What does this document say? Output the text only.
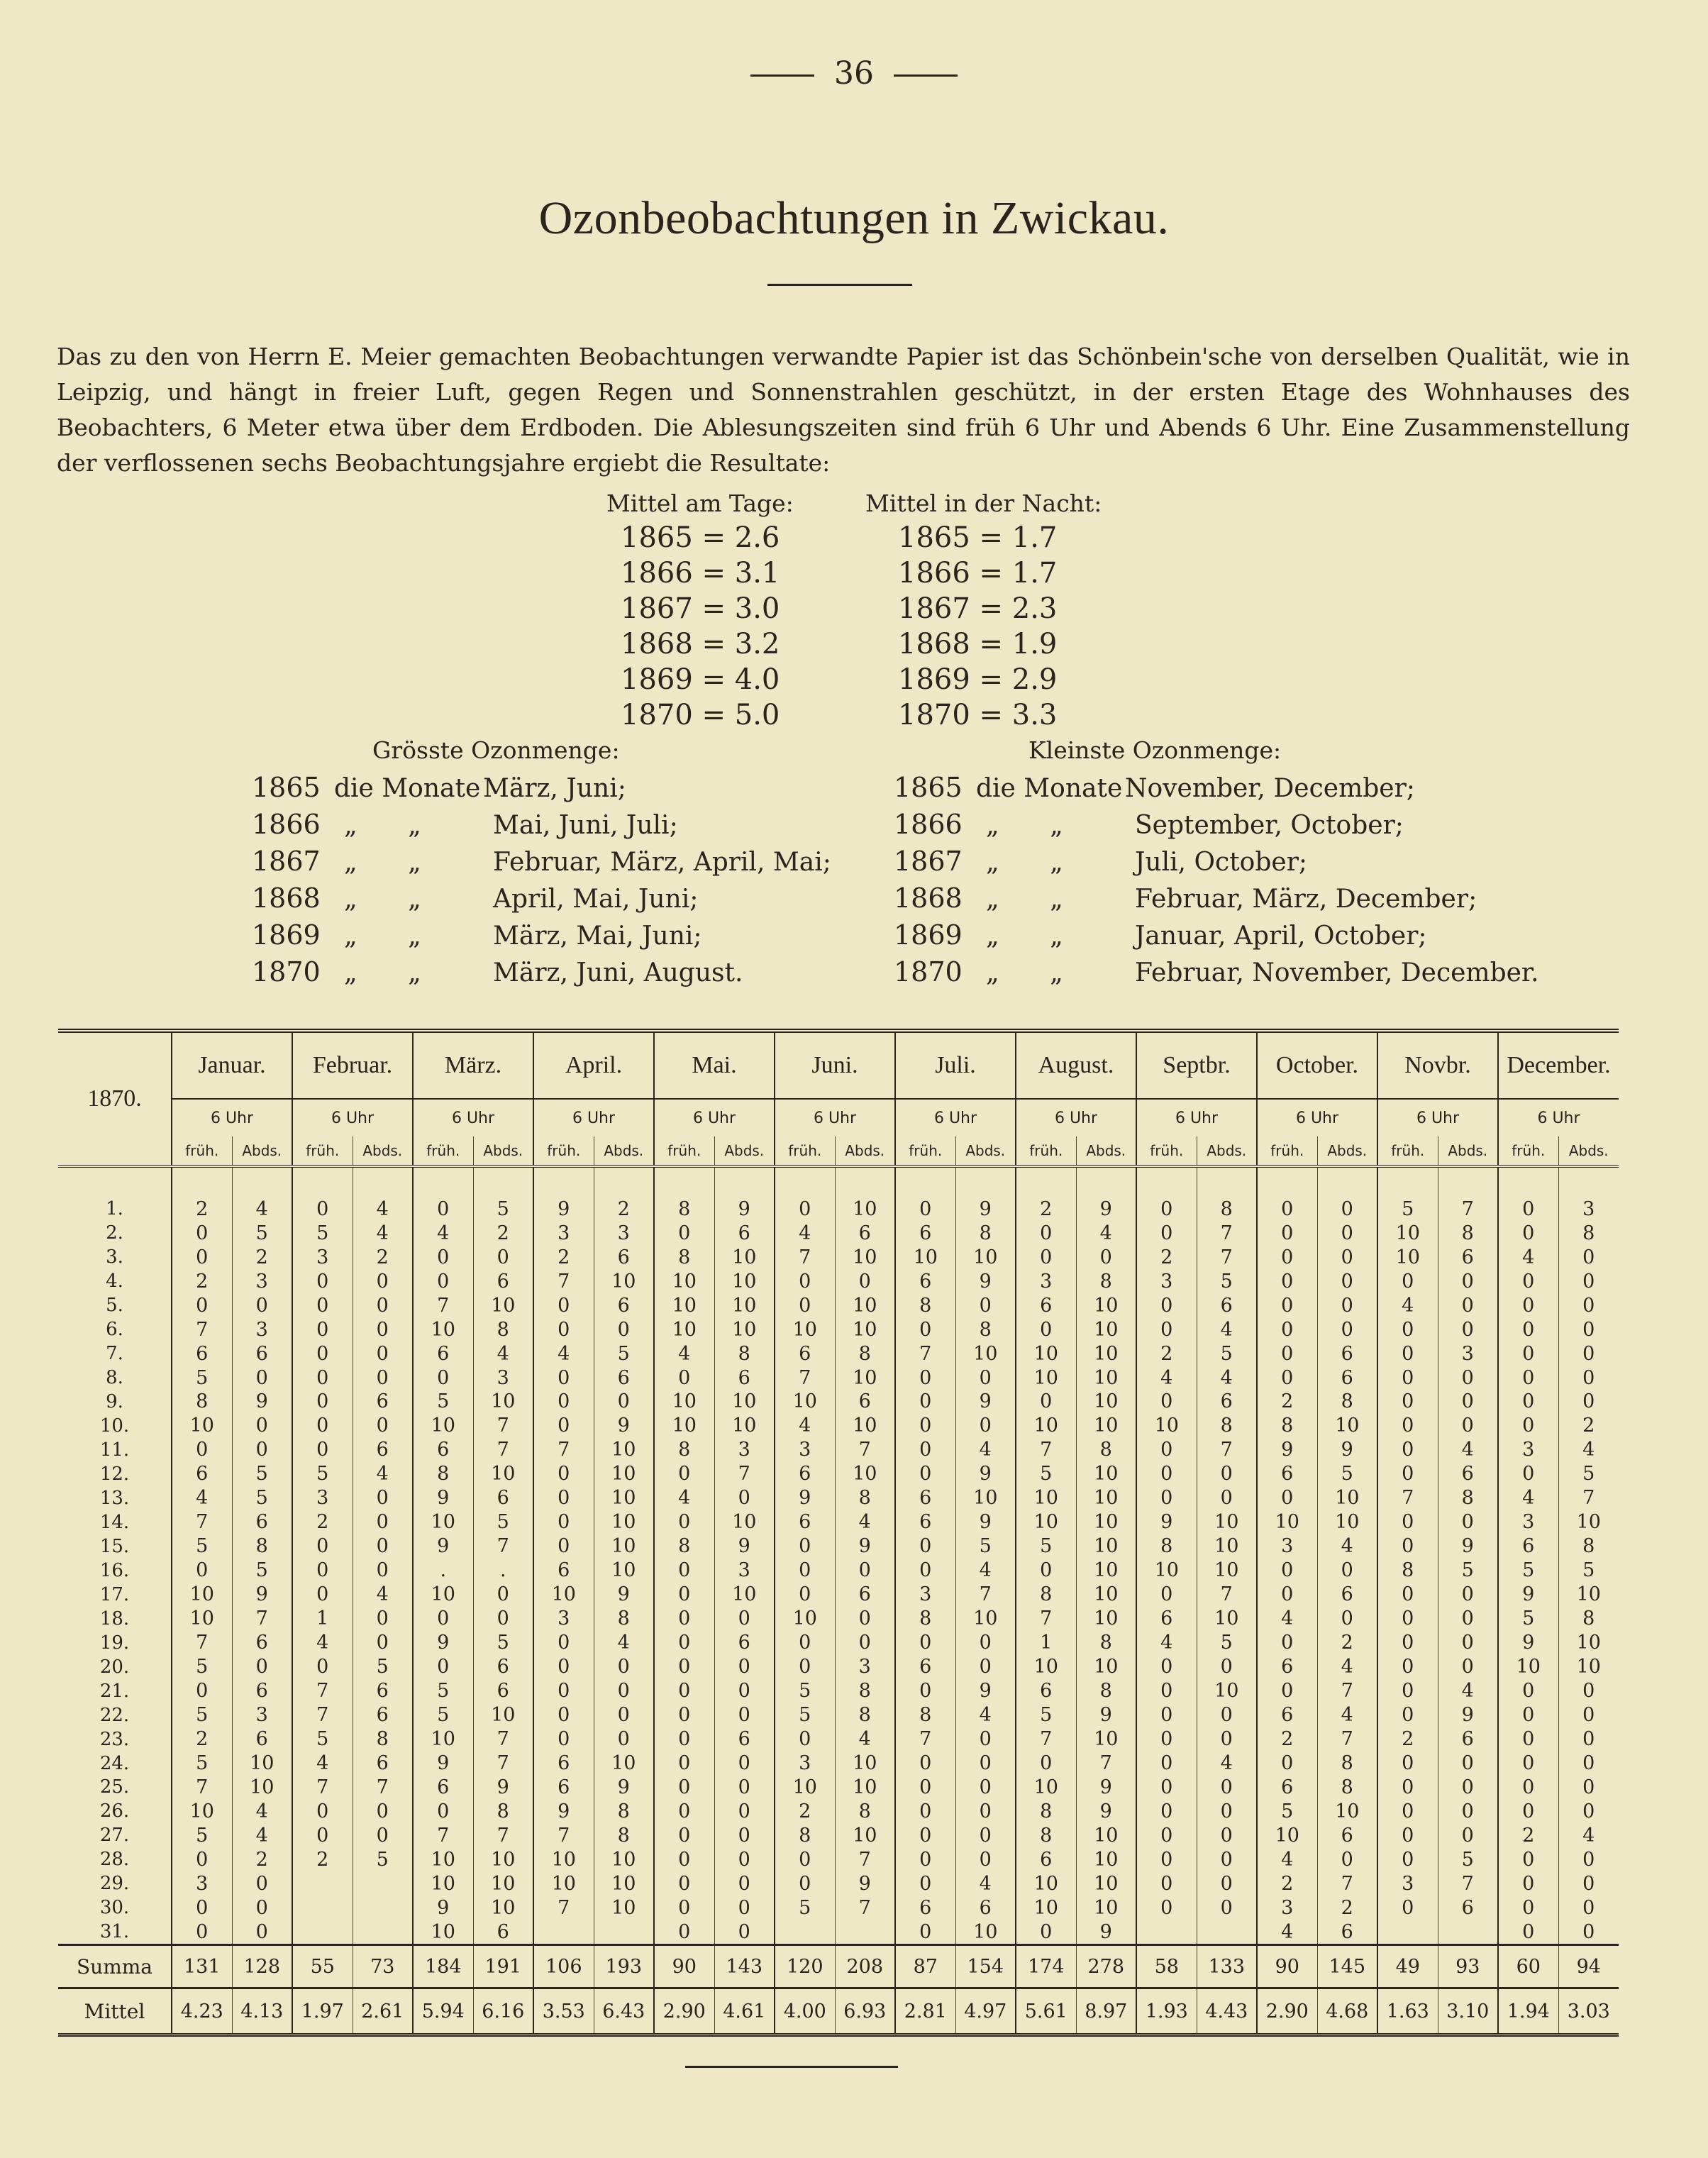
36
Ozonbeobachtungen in Zwickau.

Das zu den von Herrn E. Meier gemachten Beobachtungen verwandte Papier ist das Schönbein'sche von derselben Qualität, wie in Leipzig, und hängt in freier Luft, gegen Regen und Sonnenstrahlen geschützt, in der ersten Etage des Wohnhauses des Beobachters, 6 Meter etwa über dem Erdboden. Die Ablesungszeiten sind früh 6 Uhr und Abends 6 Uhr. Eine Zusammenstellung der verflossenen sechs Beobachtungsjahre ergiebt die Resultate:

Mittel am Tage:
1865 = 2.6
1866 = 3.1
1867 = 3.0
1868 = 3.2
1869 = 4.0
1870 = 5.0
Mittel in der Nacht:
1865 = 1.7
1866 = 1.7
1867 = 2.3
1868 = 1.9
1869 = 2.9
1870 = 3.3
Grösste Ozonmenge:
1865 die Monate März, Juni;
1866 „ „	Mai, Juni, Juli;
1867 „ „	Februar, März, April, Mai;
1868 „ „	April, Mai, Juni;
1869 „ „	März, Mai, Juni;
1870 „ „	März, Juni, August.
Kleinste Ozonmenge:
1865 die Monate November, December;
1866 „ „	September, October;
1867 „ „	Juli, October;
1868 „ „	Februar, März, December;
1869 „ „	Januar, April, October;
1870 „ „	Februar, November, December.
1870.	Januar.		Februar.		März.		April.		Mai.		Juni.		Juli.		August.		Septbr.		October.		Novbr.		December.	
	6 Uhr		6 Uhr		6 Uhr		6 Uhr		6 Uhr		6 Uhr		6 Uhr		6 Uhr		6 Uhr		6 Uhr		6 Uhr		6 Uhr	
	früh.	Abds.	früh.	Abds.	früh.	Abds.	früh.	Abds.	früh.	Abds.	früh.	Abds.	früh.	Abds.	früh.	Abds.	früh.	Abds.	früh.	Abds.	früh.	Abds.	früh.	Abds.

1.	2	4	0	4	0	5	9	2	8	9	0	10	0	9	2	9	0	8	0	0	5	7	0	3
2.	0	5	5	4	4	2	3	3	0	6	4	6	6	8	0	4	0	7	0	0	10	8	0	8
3.	0	2	3	2	0	0	2	6	8	10	7	10	10	10	0	0	2	7	0	0	10	6	4	0
4.	2	3	0	0	0	6	7	10	10	10	0	0	6	9	3	8	3	5	0	0	0	0	0	0
5.	0	0	0	0	7	10	0	6	10	10	0	10	8	0	6	10	0	6	0	0	4	0	0	0
6.	7	3	0	0	10	8	0	0	10	10	10	10	0	8	0	10	0	4	0	0	0	0	0	0
7.	6	6	0	0	6	4	4	5	4	8	6	8	7	10	10	10	2	5	0	6	0	3	0	0
8.	5	0	0	0	0	3	0	6	0	6	7	10	0	0	10	10	4	4	0	6	0	0	0	0
9.	8	9	0	6	5	10	0	0	10	10	10	6	0	9	0	10	0	6	2	8	0	0	0	0
10.	10	0	0	0	10	7	0	9	10	10	4	10	0	0	10	10	10	8	8	10	0	0	0	2
11.	0	0	0	6	6	7	7	10	8	3	3	7	0	4	7	8	0	7	9	9	0	4	3	4
12.	6	5	5	4	8	10	0	10	0	7	6	10	0	9	5	10	0	0	6	5	0	6	0	5
13.	4	5	3	0	9	6	0	10	4	0	9	8	6	10	10	10	0	0	0	10	7	8	4	7
14.	7	6	2	0	10	5	0	10	0	10	6	4	6	9	10	10	9	10	10	10	0	0	3	10
15.	5	8	0	0	9	7	0	10	8	9	0	9	0	5	5	10	8	10	3	4	0	9	6	8
16.	0	5	0	0	.	.	6	10	0	3	0	0	0	4	0	10	10	10	0	0	8	5	5	5
17.	10	9	0	4	10	0	10	9	0	10	0	6	3	7	8	10	0	7	0	6	0	0	9	10
18.	10	7	1	0	0	0	3	8	0	0	10	0	8	10	7	10	6	10	4	0	0	0	5	8
19.	7	6	4	0	9	5	0	4	0	6	0	0	0	0	1	8	4	5	0	2	0	0	9	10
20.	5	0	0	5	0	6	0	0	0	0	0	3	6	0	10	10	0	0	6	4	0	0	10	10
21.	0	6	7	6	5	6	0	0	0	0	5	8	0	9	6	8	0	10	0	7	0	4	0	0
22.	5	3	7	6	5	10	0	0	0	0	5	8	8	4	5	9	0	0	6	4	0	9	0	0
23.	2	6	5	8	10	7	0	0	0	6	0	4	7	0	7	10	0	0	2	7	2	6	0	0
24.	5	10	4	6	9	7	6	10	0	0	3	10	0	0	0	7	0	4	0	8	0	0	0	0
25.	7	10	7	7	6	9	6	9	0	0	10	10	0	0	10	9	0	0	6	8	0	0	0	0
26.	10	4	0	0	0	8	9	8	0	0	2	8	0	0	8	9	0	0	5	10	0	0	0	0
27.	5	4	0	0	7	7	7	8	0	0	8	10	0	0	8	10	0	0	10	6	0	0	2	4
28.	0	2	2	5	10	10	10	10	0	0	0	7	0	0	6	10	0	0	4	0	0	5	0	0
29.	3	0			10	10	10	10	0	0	0	9	0	4	10	10	0	0	2	7	3	7	0	0
30.	0	0			9	10	7	10	0	0	5	7	6	6	10	10	0	0	3	2	0	6	0	0
31.	0	0			10	6			0	0			0	10	0	9			4	6			0	0
Summa	131	128	55	73	184	191	106	193	90	143	120	208	87	154	174	278	58	133	90	145	49	93	60	94
Mittel	4.23	4.13	1.97	2.61	5.94	6.16	3.53	6.43	2.90	4.61	4.00	6.93	2.81	4.97	5.61	8.97	1.93	4.43	2.90	4.68	1.63	3.10	1.94	3.03
